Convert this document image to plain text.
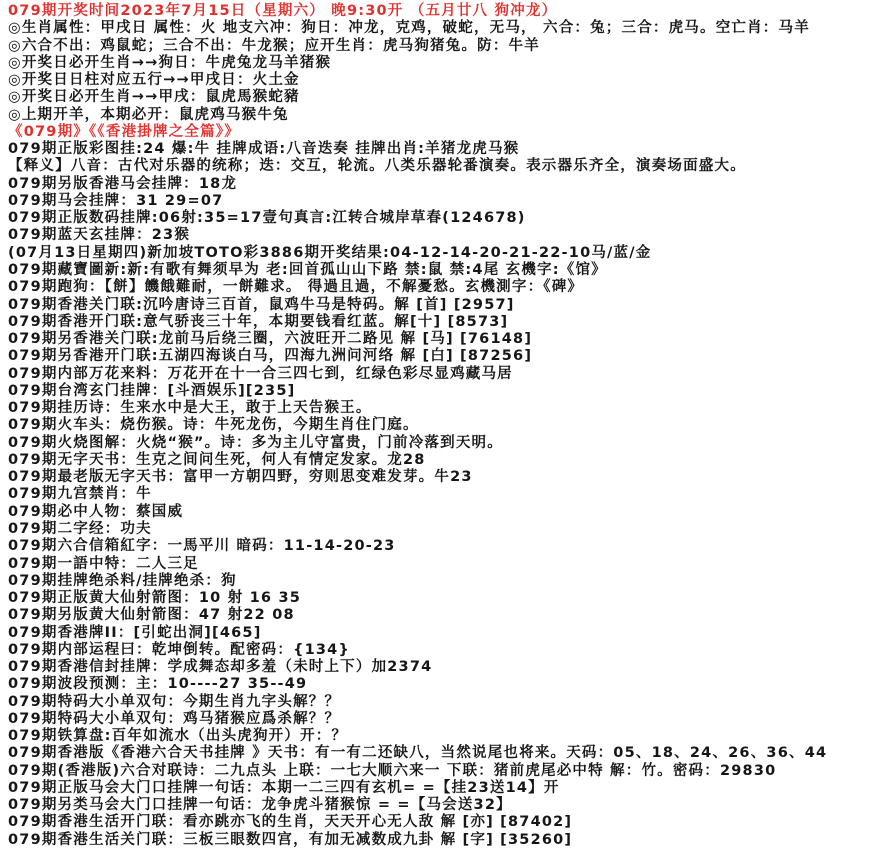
079期开奖时间2023年7月15日（星期六） 晚9:30开 （五月廿八 狗冲龙）
◎生肖属性：甲戌日 属性：火 地支六冲：狗日：冲龙，克鸡，破蛇，无马， 六合：兔；三合：虎马。空亡肖：马羊
◎六合不出：鸡鼠蛇；三合不出：牛龙猴；应开生肖：虎马狗猪兔。防：牛羊
◎开奖日必开生肖→→狗日：牛虎兔龙马羊猪猴
◎开奖日日柱对应五行→→甲戌日：火土金
◎开奖日必开生肖→→甲戌：鼠虎馬猴蛇豬
◎上期开羊，本期必开：鼠虎鸡马猴牛兔
《079期》《《香港掛牌之全篇》》
079期正版彩图挂:24 爆:牛 挂牌成语:八音迭奏 挂牌出肖:羊猪龙虎马猴
【释义】八音：古代对乐器的统称；迭：交互，轮流。八类乐器轮番演奏。表示器乐齐全，演奏场面盛大。
079期另版香港马会挂牌：18龙
079期马会挂牌：31 29=07
079期正版数码挂牌:06射:35=17壹句真言:江转合城岸草春(124678)
079期蓝天玄挂牌：23猴
(07月13日星期四)新加坡TOTO彩3886期开奖结果:04-12-14-20-21-22-10马/蓝/金
079期藏寶圖新:新:有歌有舞须早为 老:回首孤山山下路 禁:鼠 禁:4尾 玄機字:《馆》
079期跑狗：【餅】饑餓難耐，一餅難求。 得過且過，不解憂愁。玄機測字：《碑》
079期香港关门联:沉吟唐诗三百首，鼠鸡牛马是特码。解 [首] [2957]
079期香港开门联:意气骄丧三十年，本期要钱看红蓝。解[十] [8573]
079期另香港关门联:龙前马后绕三圈，六波旺开二路见 解 [马] [76148]
079期另香港开门联:五湖四海谈白马，四海九洲问河络 解 [白] [87256]
079期内部万花来料：万花开在十一合三四七到，红绿色彩尽显鸡藏马居
079期台湾玄门挂牌：[斗酒娱乐][235]
079期挂历诗：生来水中是大王，敢于上天告猴王。
079期火车头：烧伤猴。诗：牛死龙伤，今期生肖住门庭。
079期火烧图解：火烧“猴”。诗：多为主儿守富贵，门前冷落到天明。
079期无字天书：生克之间问生死，何人有情定发家。龙28
079期最老版无字天书：富甲一方朝四野，穷则思变难发芽。牛23
079期九宫禁肖：牛
079期必中人物：蔡国威
079期二字经：功夫
079期六合信箱紅字：一馬平川 暗码：11-14-20-23
079期一語中特：二人三足
079期挂牌绝杀料/挂牌绝杀：狗
079期正版黄大仙射箭图：10 射 16 35
079期另版黄大仙射箭图：47 射22 08
079期香港牌II：[引蛇出洞][465]
079期内部运程曰：乾坤倒转。配密码：{134}
079期香港信封挂牌：学成舞态却多羞（未时上下）加2374
079期波段预测：主：10----27 35--49
079期特码大小单双句：今期生肖九字头解？？
079期特码大小单双句：鸡马猪猴应爲杀解？？
079期铁算盘:百年如流水（出头虎狗开）开：？
079期香港版《香港六合天书挂牌 》天书：有一有二还缺八，当然说尾也将来。天码：05、18、24、26、36、44
079期(香港版)六合对联诗：二九点头 上联：一七大顺六来一 下联：猪前虎尾必中特 解：竹。密码：29830
079期正版马会大门口挂牌一句话：本期一二三四有玄机= =【挂23送14】开
079期另类马会大门口挂牌一句话：龙争虎斗猪猴惊 = =【马会送32】
079期香港生活开门联：看亦跳亦飞的生肖，天天开心无人敌 解 [亦] [87402]
079期香港生活关门联：三板三眼数四宫，有加无减数成九卦 解 [字] [35260]
